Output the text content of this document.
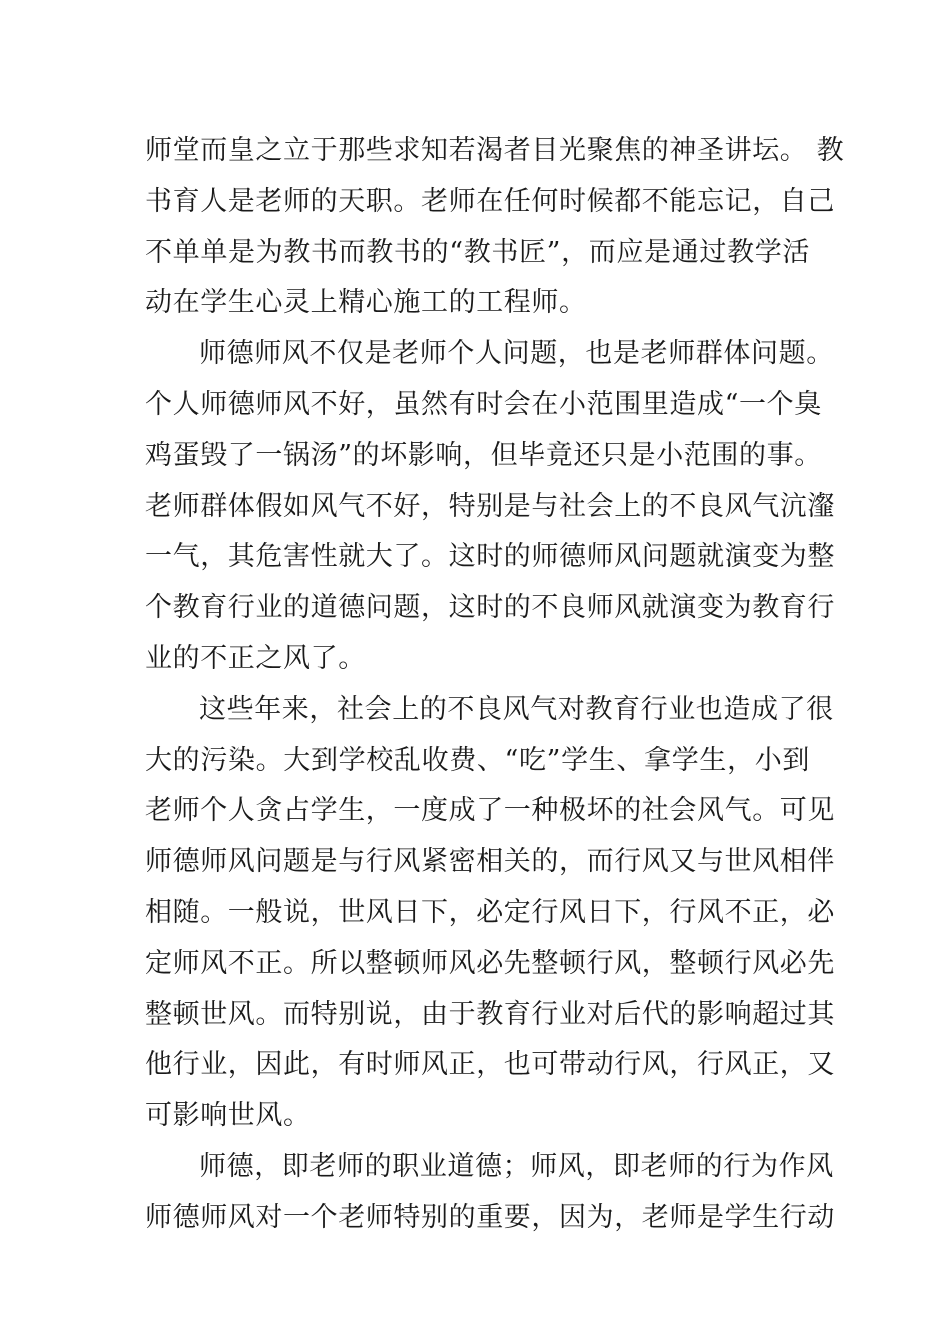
师堂而皇之立于那些求知若渴者目光聚焦的神圣讲坛。 教
书育人是老师的天职。老师在任何时候都不能忘记，自己
不单单是为教书而教书的“教书匠”，而应是通过教学活
动在学生心灵上精心施工的工程师。
师德师风不仅是老师个人问题，也是老师群体问题。
个人师德师风不好，虽然有时会在小范围里造成“一个臭
鸡蛋毁了一锅汤”的坏影响，但毕竟还只是小范围的事。
老师群体假如风气不好，特别是与社会上的不良风气沆瀣
一气，其危害性就大了。这时的师德师风问题就演变为整
个教育行业的道德问题，这时的不良师风就演变为教育行
业的不正之风了。
这些年来，社会上的不良风气对教育行业也造成了很
大的污染。大到学校乱收费、“吃”学生、拿学生，小到
老师个人贪占学生，一度成了一种极坏的社会风气。可见
师德师风问题是与行风紧密相关的，而行风又与世风相伴
相随。一般说，世风日下，必定行风日下，行风不正，必
定师风不正。所以整顿师风必先整顿行风，整顿行风必先
整顿世风。而特别说，由于教育行业对后代的影响超过其
他行业，因此，有时师风正，也可带动行风，行风正，又
可影响世风。
师德，即老师的职业道德；师风，即老师的行为作风
师德师风对一个老师特别的重要，因为，老师是学生行动
